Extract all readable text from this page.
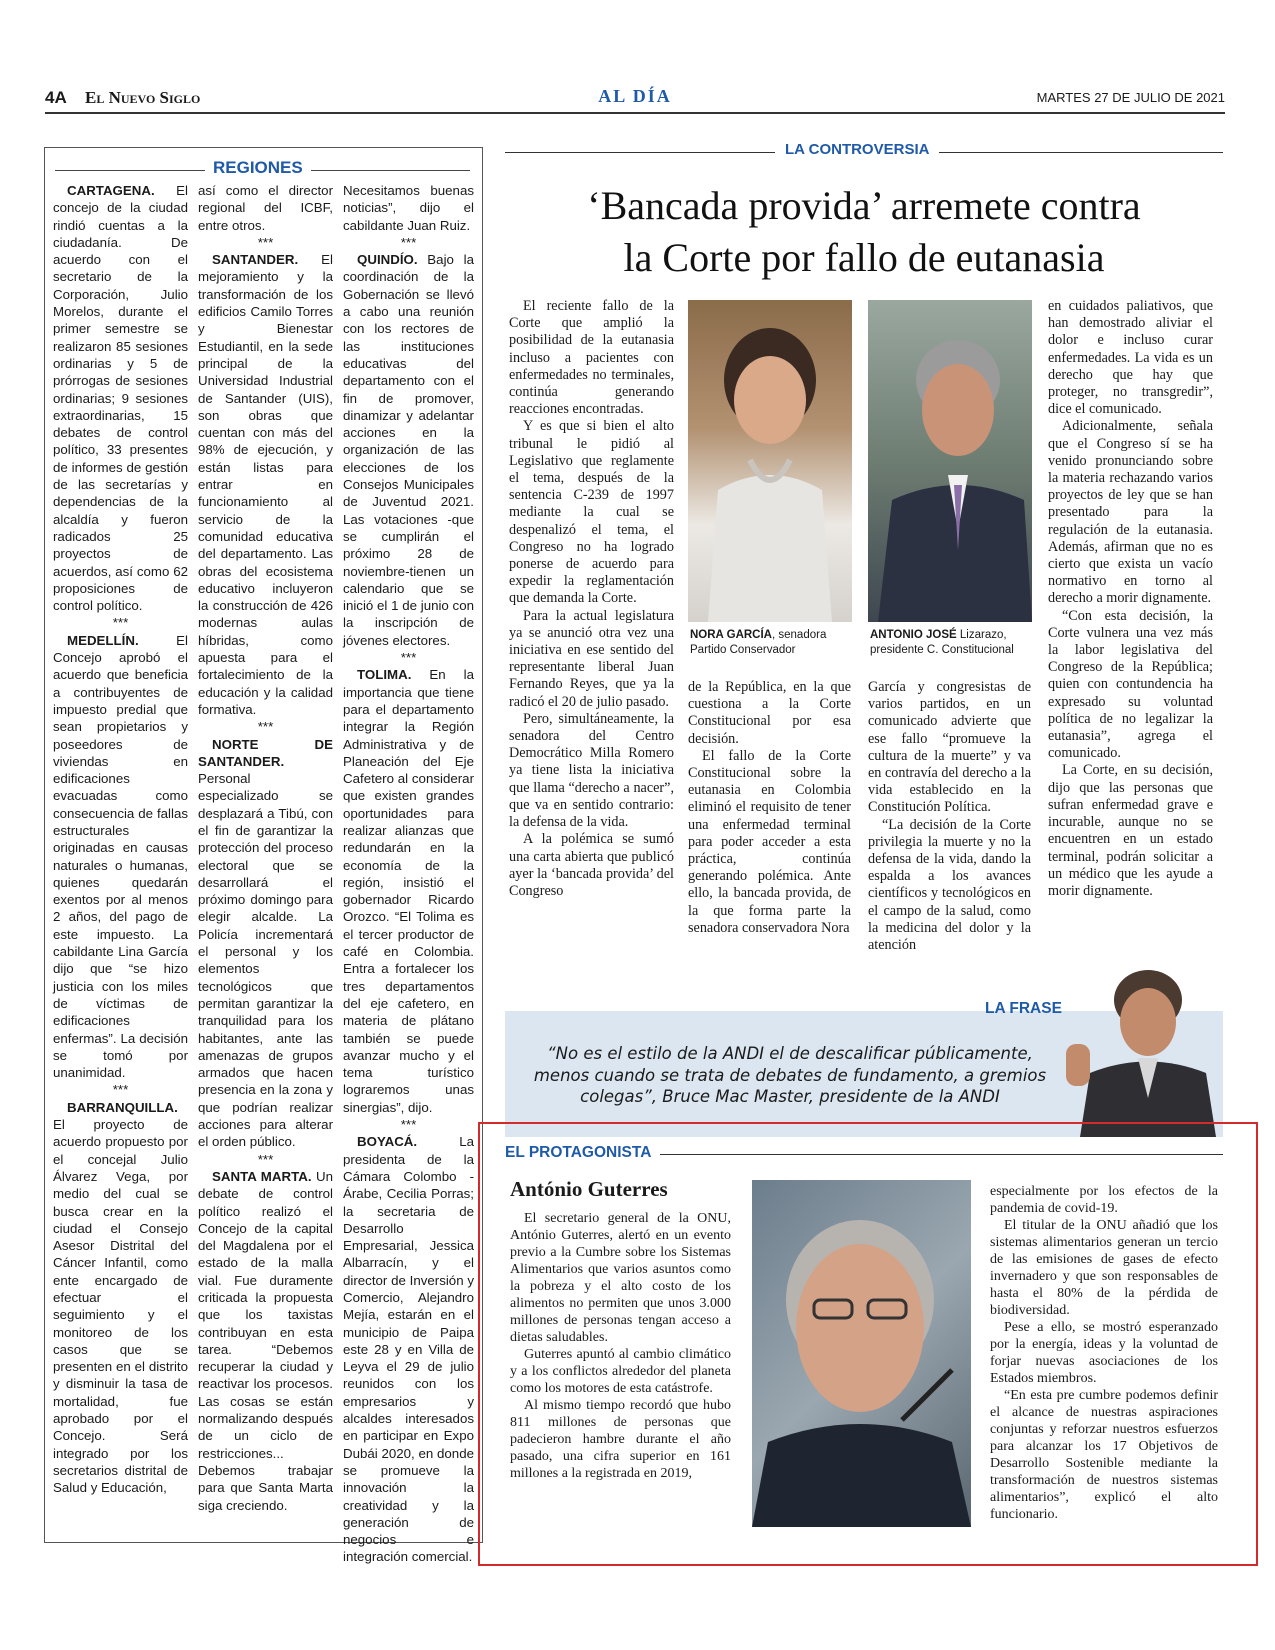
4A El Nuevo Siglo	AL DÍA	MARTES 27 DE JULIO DE 2021
REGIONES

CARTAGENA. El concejo de la ciudad rindió cuentas a la ciudadanía. De acuerdo con el secretario de la Corporación, Julio Morelos, durante el primer semestre se realizaron 85 sesiones ordinarias y 5 de prórrogas de sesiones ordinarias; 9 sesiones extraordinarias, 15 debates de control político, 33 presentes de informes de gestión de las secretarías y dependencias de la alcaldía y fueron radicados 25 proyectos de acuerdos, así como 62 proposiciones de control político.

***

MEDELLÍN. El Concejo aprobó el acuerdo que beneficia a contribuyentes de impuesto predial que sean propietarios y poseedores de viviendas en edificaciones evacuadas como consecuencia de fallas estructurales originadas en causas naturales o humanas, quienes quedarán exentos por al menos 2 años, del pago de este impuesto. La cabildante Lina García dijo que “se hizo justicia con los miles de víctimas de edificaciones enfermas”. La decisión se tomó por unanimidad.

***

BARRANQUILLA. El proyecto de acuerdo propuesto por el concejal Julio Álvarez Vega, por medio del cual se busca crear en la ciudad el Consejo Asesor Distrital del Cáncer Infantil, como ente encargado de efectuar el seguimiento y el monitoreo de los casos que se presenten en el distrito y disminuir la tasa de mortalidad, fue aprobado por el Concejo. Será integrado por los secretarios distrital de Salud y Educación,

así como el director regional del ICBF, entre otros.

***

SANTANDER. El mejoramiento y la transformación de los edificios Camilo Torres y Bienestar Estudiantil, en la sede principal de la Universidad Industrial de Santander (UIS), son obras que cuentan con más del 98% de ejecución, y están listas para entrar en funcionamiento al servicio de la comunidad educativa del departamento. Las obras del ecosistema educativo incluyeron la construcción de 426 modernas aulas híbridas, como apuesta para el fortalecimiento de la educación y la calidad formativa.

***

NORTE DE SANTANDER. Personal especializado se desplazará a Tibú, con el fin de garantizar la protección del proceso electoral que se desarrollará el próximo domingo para elegir alcalde. La Policía incrementará el personal y los elementos tecnológicos que permitan garantizar la tranquilidad para los habitantes, ante las amenazas de grupos armados que hacen presencia en la zona y que podrían realizar acciones para alterar el orden público.

***

SANTA MARTA. Un debate de control político realizó el Concejo de la capital del Magdalena por el estado de la malla vial. Fue duramente criticada la propuesta que los taxistas contribuyan en esta tarea. “Debemos recuperar la ciudad y reactivar los procesos. Las cosas se están normalizando después de un ciclo de restricciones... Debemos trabajar para que Santa Marta siga creciendo.

Necesitamos buenas noticias”, dijo el cabildante Juan Ruiz.

***

QUINDÍO. Bajo la coordinación de la Gobernación se llevó a cabo una reunión con los rectores de las instituciones educativas del departamento con el fin de promover, dinamizar y adelantar acciones en la organización de las elecciones de los Consejos Municipales de Juventud 2021. Las votaciones -que se cumplirán el próximo 28 de noviembre-tienen un calendario que se inició el 1 de junio con la inscripción de jóvenes electores.

***

TOLIMA. En la importancia que tiene para el departamento integrar la Región Administrativa y de Planeación del Eje Cafetero al considerar que existen grandes oportunidades para realizar alianzas que redundarán en la economía de la región, insistió el gobernador Ricardo Orozco. “El Tolima es el tercer productor de café en Colombia. Entra a fortalecer los tres departamentos del eje cafetero, en materia de plátano también se puede avanzar mucho y el tema turístico lograremos unas sinergias”, dijo.

***

BOYACÁ. La presidenta de la Cámara Colombo - Árabe, Cecilia Porras; la secretaria de Desarrollo Empresarial, Jessica Albarracín, y el director de Inversión y Comercio, Alejandro Mejía, estarán en el municipio de Paipa este 28 y en Villa de Leyva el 29 de julio reunidos con los empresarios y alcaldes interesados en participar en Expo Dubái 2020, en donde se promueve la innovación la creatividad y la generación de negocios e integración comercial.

LA CONTROVERSIA
‘Bancada provida’ arremete contra
la Corte por fallo de eutanasia

El reciente fallo de la Corte que amplió la posibilidad de la eutanasia incluso a pacientes con enfermedades no terminales, continúa generando reacciones encontradas.

Y es que si bien el alto tribunal le pidió al Legislativo que reglamente el tema, después de la sentencia C-239 de 1997 mediante la cual se despenalizó el tema, el Congreso no ha logrado ponerse de acuerdo para expedir la reglamentación que demanda la Corte.

Para la actual legislatura ya se anunció otra vez una iniciativa en ese sentido del representante liberal Juan Fernando Reyes, que ya la radicó el 20 de julio pasado.

Pero, simultáneamente, la senadora del Centro Democrático Milla Romero ya tiene lista la iniciativa que llama “derecho a nacer”, que va en sentido contrario: la defensa de la vida.

A la polémica se sumó una carta abierta que publicó ayer la ‘bancada provida’ del Congreso

NORA GARCÍA, senadora
Partido Conservador
ANTONIO JOSÉ Lizarazo,
presidente C. Constitucional

de la República, en la que cuestiona a la Corte Constitucional por esa decisión.

El fallo de la Corte Constitucional sobre la eutanasia en Colombia eliminó el requisito de tener una enfermedad terminal para poder acceder a esta práctica, continúa generando polémica. Ante ello, la bancada provida, de la que forma parte la senadora conservadora Nora

García y congresistas de varios partidos, en un comunicado advierte que ese fallo “promueve la cultura de la muerte” y va en contravía del derecho a la vida establecido en la Constitución Política.

“La decisión de la Corte privilegia la muerte y no la defensa de la vida, dando la espalda a los avances científicos y tecnológicos en el campo de la salud, como la medicina del dolor y la atención

en cuidados paliativos, que han demostrado aliviar el dolor e incluso curar enfermedades. La vida es un derecho que hay que proteger, no transgredir”, dice el comunicado.

Adicionalmente, señala que el Congreso sí se ha venido pronunciando sobre la materia rechazando varios proyectos de ley que se han presentado para la regulación de la eutanasia. Además, afirman que no es cierto que exista un vacío normativo en torno al derecho a morir dignamente.

“Con esta decisión, la Corte vulnera una vez más la labor legislativa del Congreso de la República; quien con contundencia ha expresado su voluntad política de no legalizar la eutanasia”, agrega el comunicado.

La Corte, en su decisión, dijo que las personas que sufran enfermedad grave e incurable, aunque no se encuentren en un estado terminal, podrán solicitar a un médico que les ayude a morir dignamente.

LA FRASE
“No es el estilo de la ANDI el de descalificar públicamente, menos cuando se trata de debates de fundamento, a gremios colegas”, Bruce Mac Master, presidente de la ANDI
EL PROTAGONISTA
António Guterres

El secretario general de la ONU, António Guterres, alertó en un evento previo a la Cumbre sobre los Sistemas Alimentarios que varios asuntos como la pobreza y el alto costo de los alimentos no permiten que unos 3.000 millones de personas tengan acceso a dietas saludables.

Guterres apuntó al cambio climático y a los conflictos alrededor del planeta como los motores de esta catástrofe.

Al mismo tiempo recordó que hubo 811 millones de personas que padecieron hambre durante el año pasado, una cifra superior en 161 millones a la registrada en 2019,

especialmente por los efectos de la pandemia de covid-19.

El titular de la ONU añadió que los sistemas alimentarios generan un tercio de las emisiones de gases de efecto invernadero y que son responsables de hasta el 80% de la pérdida de biodiversidad.

Pese a ello, se mostró esperanzado por la energía, ideas y la voluntad de forjar nuevas asociaciones de los Estados miembros.

“En esta pre cumbre podemos definir el alcance de nuestras aspiraciones conjuntas y reforzar nuestros esfuerzos para alcanzar los 17 Objetivos de Desarrollo Sostenible mediante la transformación de nuestros sistemas alimentarios”, explicó el alto funcionario.
